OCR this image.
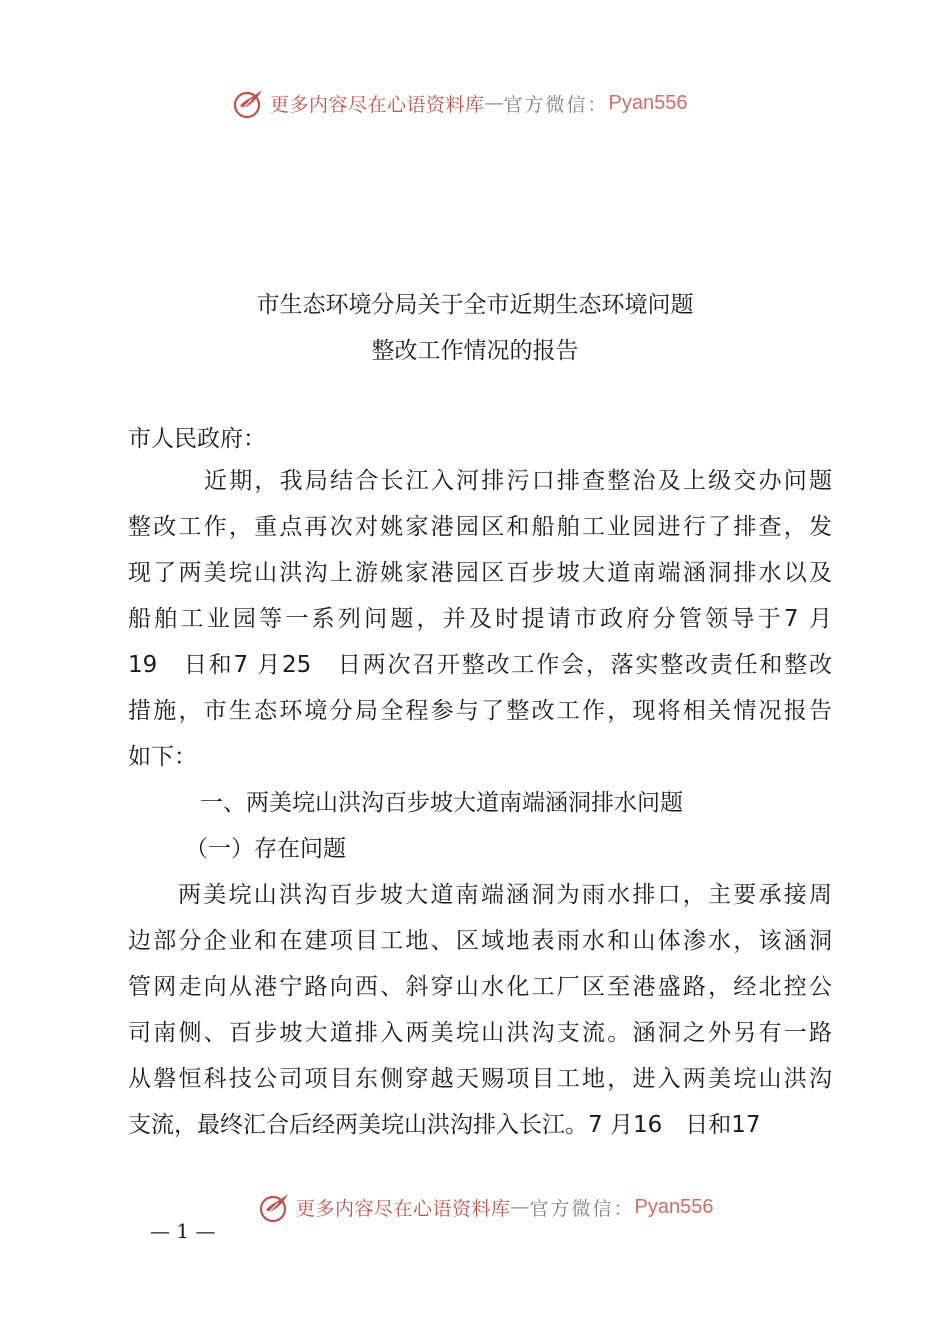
更多内容尽在心语资料库 — 官方微信： Pyan556
市生态环境分局关于全市近期生态环境问题
整改工作情况的报告
市人民政府：
近期，我局结合长江入河排污口排查整治及上级交办问题
整改工作，重点再次对姚家港园区和船舶工业园进行了排查，发
现了两美垸山洪沟上游姚家港园区百步坡大道南端涵洞排水以及
船舶工业园等一系列问题，并及时提请市政府分管领导于7 月
19　日和7 月25　日两次召开整改工作会，落实整改责任和整改
措施，市生态环境分局全程参与了整改工作，现将相关情况报告
如下：
一、两美垸山洪沟百步坡大道南端涵洞排水问题
（一）存在问题
两美垸山洪沟百步坡大道南端涵洞为雨水排口，主要承接周
边部分企业和在建项目工地、区域地表雨水和山体渗水，该涵洞
管网走向从港宁路向西、斜穿山水化工厂区至港盛路，经北控公
司南侧、百步坡大道排入两美垸山洪沟支流。涵洞之外另有一路
从磐恒科技公司项目东侧穿越天赐项目工地，进入两美垸山洪沟
支流，最终汇合后经两美垸山洪沟排入长江。7 月16　日和17
更多内容尽在心语资料库 — 官方微信： Pyan556
— 1 —
